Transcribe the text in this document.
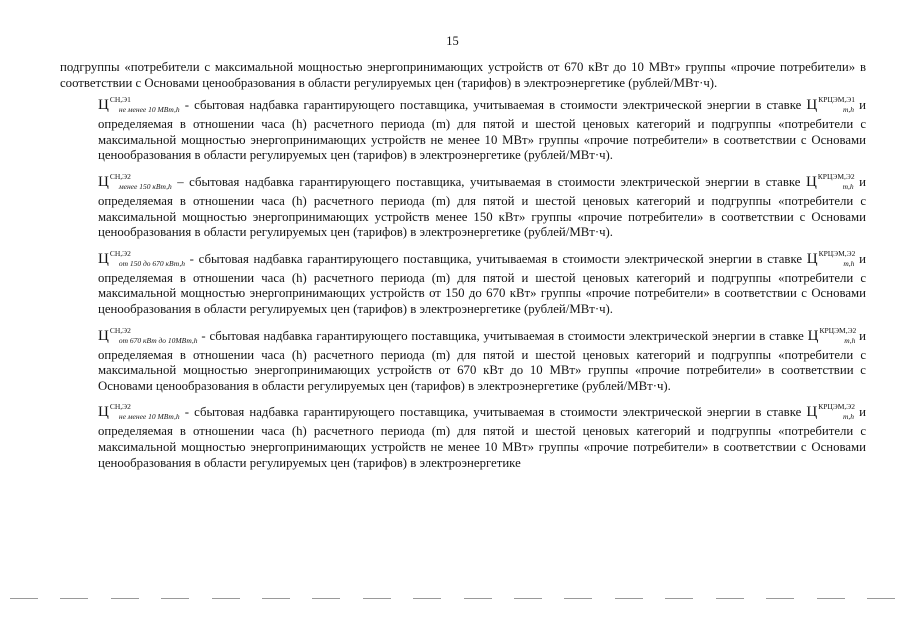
15

подгруппы «потребители с максимальной мощностью энергопринимающих устройств от 670 кВт до 10 МВт» группы «прочие потребители» в соответствии с Основами ценообразования в области регулируемых цен (тарифов) в электроэнергетике (рублей/МВт·ч).

$Ц^{СН,Э1}_{не менее 10 МВт,h}$ - сбытовая надбавка гарантирующего поставщика, учитываемая в стоимости электрической энергии в ставке $Ц^{КРЦЭМ,Э1}_{m,h}$ и определяемая в отношении часа (h) расчетного периода (m) для пятой и шестой ценовых категорий и подгруппы «потребители с максимальной мощностью энергопринимающих устройств не менее 10 МВт» группы «прочие потребители» в соответствии с Основами ценообразования в области регулируемых цен (тарифов) в электроэнергетике (рублей/МВт·ч).

$Ц^{СН,Э2}_{менее 150 кВт,h}$ – сбытовая надбавка гарантирующего поставщика, учитываемая в стоимости электрической энергии в ставке $Ц^{КРЦЭМ,Э2}_{m,h}$ и определяемая в отношении часа (h) расчетного периода (m) для пятой и шестой ценовых категорий и подгруппы «потребители с максимальной мощностью энергопринимающих устройств менее 150 кВт» группы «прочие потребители» в соответствии с Основами ценообразования в области регулируемых цен (тарифов) в электроэнергетике (рублей/МВт·ч).

$Ц^{СН,Э2}_{от 150 до 670 кВт,h}$ - сбытовая надбавка гарантирующего поставщика, учитываемая в стоимости электрической энергии в ставке $Ц^{КРЦЭМ,Э2}_{m,h}$ и определяемая в отношении часа (h) расчетного периода (m) для пятой и шестой ценовых категорий и подгруппы «потребители с максимальной мощностью энергопринимающих устройств от 150 до 670 кВт» группы «прочие потребители» в соответствии с Основами ценообразования в области регулируемых цен (тарифов) в электроэнергетике (рублей/МВт·ч).

$Ц^{СН,Э2}_{от 670 кВт до 10МВт,h}$ - сбытовая надбавка гарантирующего поставщика, учитываемая в стоимости электрической энергии в ставке $Ц^{КРЦЭМ,Э2}_{m,h}$ и определяемая в отношении часа (h) расчетного периода (m) для пятой и шестой ценовых категорий и подгруппы «потребители с максимальной мощностью энергопринимающих устройств от 670 кВт до 10 МВт» группы «прочие потребители» в соответствии с Основами ценообразования в области регулируемых цен (тарифов) в электроэнергетике (рублей/МВт·ч).

$Ц^{СН,Э2}_{не менее 10 МВт,h}$ - сбытовая надбавка гарантирующего поставщика, учитываемая в стоимости электрической энергии в ставке $Ц^{КРЦЭМ,Э2}_{m,h}$ и определяемая в отношении часа (h) расчетного периода (m) для пятой и шестой ценовых категорий и подгруппы «потребители с максимальной мощностью энергопринимающих устройств не менее 10 МВт» группы «прочие потребители» в соответствии с Основами ценообразования в области регулируемых цен (тарифов) в электроэнергетике
